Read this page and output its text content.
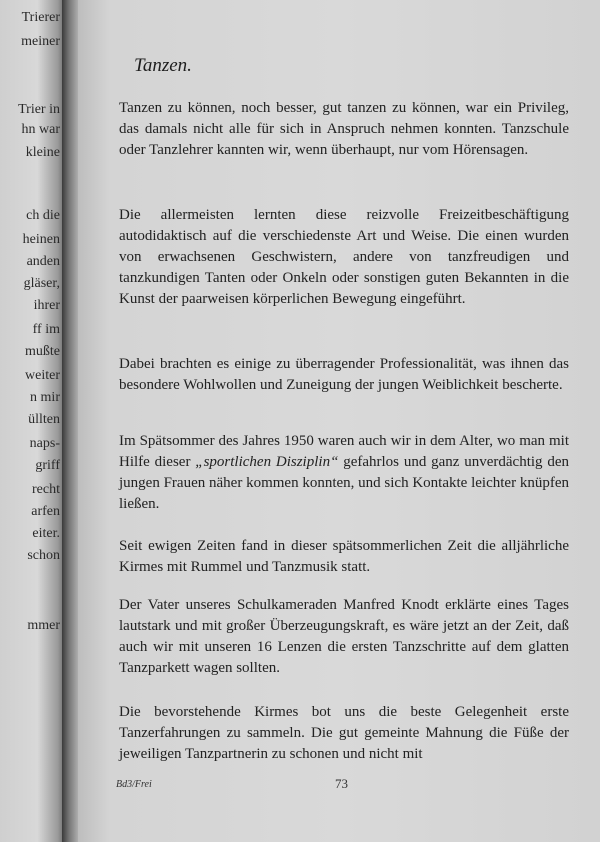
Trierer
meiner
Trier in
hn war
kleine
ch die
heinen
anden
gläser,
ihrer
ff im
mußte
weiter
n mir
üllten
naps-
griff
recht
arfen
eiter.
schon
mmer
Tanzen.

Tanzen zu können, noch besser, gut tanzen zu können, war ein Privileg, das damals nicht alle für sich in Anspruch nehmen konnten. Tanzschule oder Tanzlehrer kannten wir, wenn überhaupt, nur vom Hörensagen.

Die allermeisten lernten diese reizvolle Freizeitbeschäftigung autodidaktisch auf die verschiedenste Art und Weise. Die einen wurden von erwachsenen Geschwistern, andere von tanzfreudigen und tanzkundigen Tanten oder Onkeln oder sonstigen guten Bekannten in die Kunst der paarweisen körperlichen Bewegung eingeführt.

Dabei brachten es einige zu überragender Professionalität, was ihnen das besondere Wohlwollen und Zuneigung der jungen Weiblichkeit bescherte.

Im Spätsommer des Jahres 1950 waren auch wir in dem Alter, wo man mit Hilfe dieser „sportlichen Disziplin“ gefahrlos und ganz unverdächtig den jungen Frauen näher kommen konnten, und sich Kontakte leichter knüpfen ließen.

Seit ewigen Zeiten fand in dieser spätsommerlichen Zeit die alljährliche Kirmes mit Rummel und Tanzmusik statt.

Der Vater unseres Schulkameraden Manfred Knodt erklärte eines Tages lautstark und mit großer Überzeugungskraft, es wäre jetzt an der Zeit, daß auch wir mit unseren 16 Lenzen die ersten Tanzschritte auf dem glatten Tanzparkett wagen sollten.

Die bevorstehende Kirmes bot uns die beste Gelegenheit erste Tanzerfahrungen zu sammeln. Die gut gemeinte Mahnung die Füße der jeweiligen Tanzpartnerin zu schonen und nicht mit

Bd3/Frei	73
